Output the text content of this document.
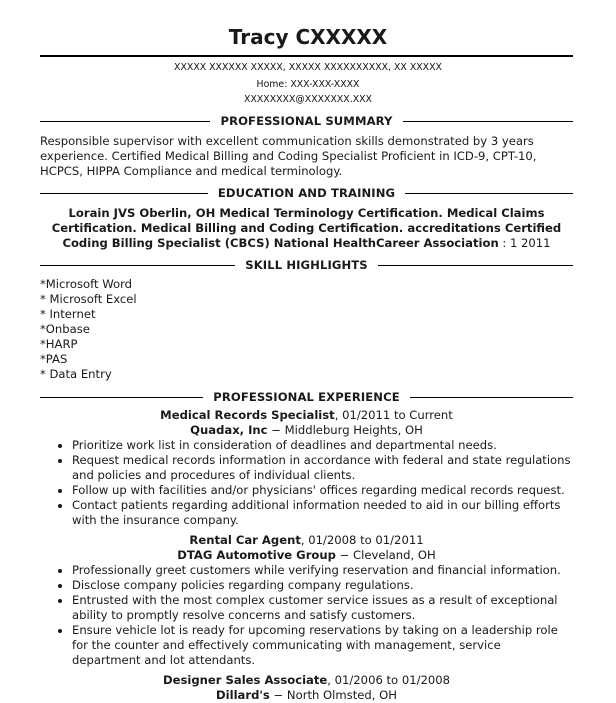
Tracy CXXXXX
XXXXX XXXXXX XXXXX, XXXXX XXXXXXXXXX, XX XXXXX
Home: XXX-XXX-XXXX
XXXXXXXX@XXXXXXX.XXX
PROFESSIONAL SUMMARY
Responsible supervisor with excellent communication skills demonstrated by 3 years experience. Certified Medical Billing and Coding Specialist Proficient in ICD-9, CPT-10, HCPCS, HIPPA Compliance and medical terminology.
EDUCATION AND TRAINING
Lorain JVS Oberlin, OH Medical Terminology Certification. Medical Claims Certification. Medical Billing and Coding Certification. accreditations Certified Coding Billing Specialist (CBCS) National HealthCareer Association : 1 2011
SKILL HIGHLIGHTS
*Microsoft Word
* Microsoft Excel
* Internet
*Onbase
*HARP
*PAS
* Data Entry
PROFESSIONAL EXPERIENCE
Medical Records Specialist, 01/2011 to Current
Quadax, Inc − Middleburg Heights, OH
• Prioritize work list in consideration of deadlines and departmental needs.
• Request medical records information in accordance with federal and state regulations and policies and procedures of individual clients.
• Follow up with facilities and/or physicians' offices regarding medical records request.
• Contact patients regarding additional information needed to aid in our billing efforts with the insurance company.
Rental Car Agent, 01/2008 to 01/2011
DTAG Automotive Group − Cleveland, OH
• Professionally greet customers while verifying reservation and financial information.
• Disclose company policies regarding company regulations.
• Entrusted with the most complex customer service issues as a result of exceptional ability to promptly resolve concerns and satisfy customers.
• Ensure vehicle lot is ready for upcoming reservations by taking on a leadership role for the counter and effectively communicating with management, service department and lot attendants.
Designer Sales Associate, 01/2006 to 01/2008
Dillard's − North Olmsted, OH
